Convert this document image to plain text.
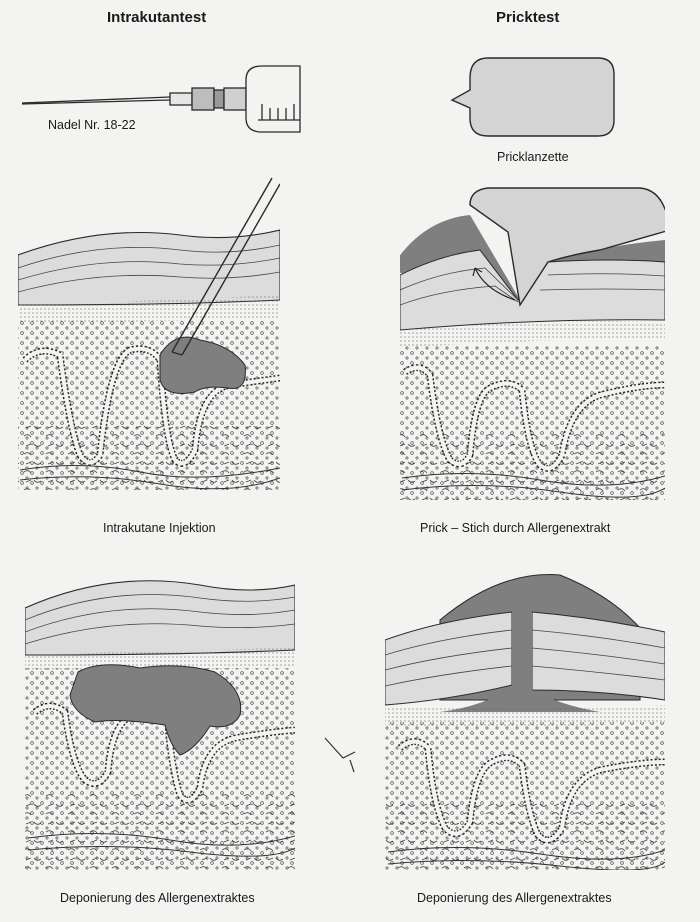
Intrakutantest	Pricktest
Nadel Nr. 18-22
Pricklanzette
Intrakutane Injektion	Prick – Stich durch Allergenextrakt
Deponierung des Allergenextraktes	Deponierung des Allergenextraktes
